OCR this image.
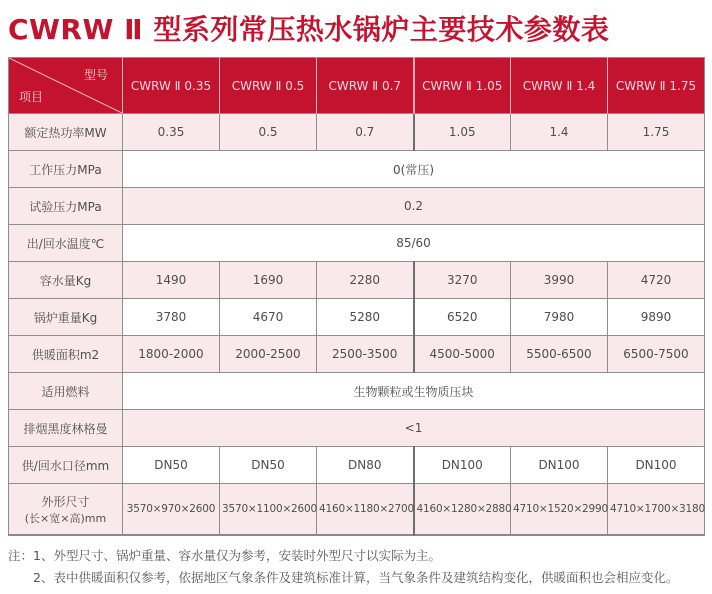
CWRW Ⅱ 型系列常压热水锅炉主要技术参数表
型号
项目	CWRW Ⅱ 0.35	CWRW Ⅱ 0.5	CWRW Ⅱ 0.7	CWRW Ⅱ 1.05	CWRW Ⅱ 1.4	CWRW Ⅱ 1.75
额定热功率MW	0.35	0.5	0.7	1.05	1.4	1.75
工作压力MPa	0(常压)					
试验压力MPa	0.2					
出/回水温度℃	85/60					
容水量Kg	1490	1690	2280	3270	3990	4720
锅炉重量Kg	3780	4670	5280	6520	7980	9890
供暖面积m2	1800-2000	2000-2500	2500-3500	4500-5000	5500-6500	6500-7500
适用燃料	生物颗粒或生物质压块					
排烟黑度林格曼	<1					
供/回水口径mm	DN50	DN50	DN80	DN100	DN100	DN100

外形尺寸
(长×宽×高)mm	3570×970×2600	3570×1100×2600	4160×1180×2700	4160×1280×2880	4710×1520×2990	4710×1700×3180
注：1、外型尺寸、锅炉重量、容水量仅为参考，安装时外型尺寸以实际为主。
2、表中供暖面积仅参考，依据地区气象条件及建筑标准计算，当气象条件及建筑结构变化，供暖面积也会相应变化。
